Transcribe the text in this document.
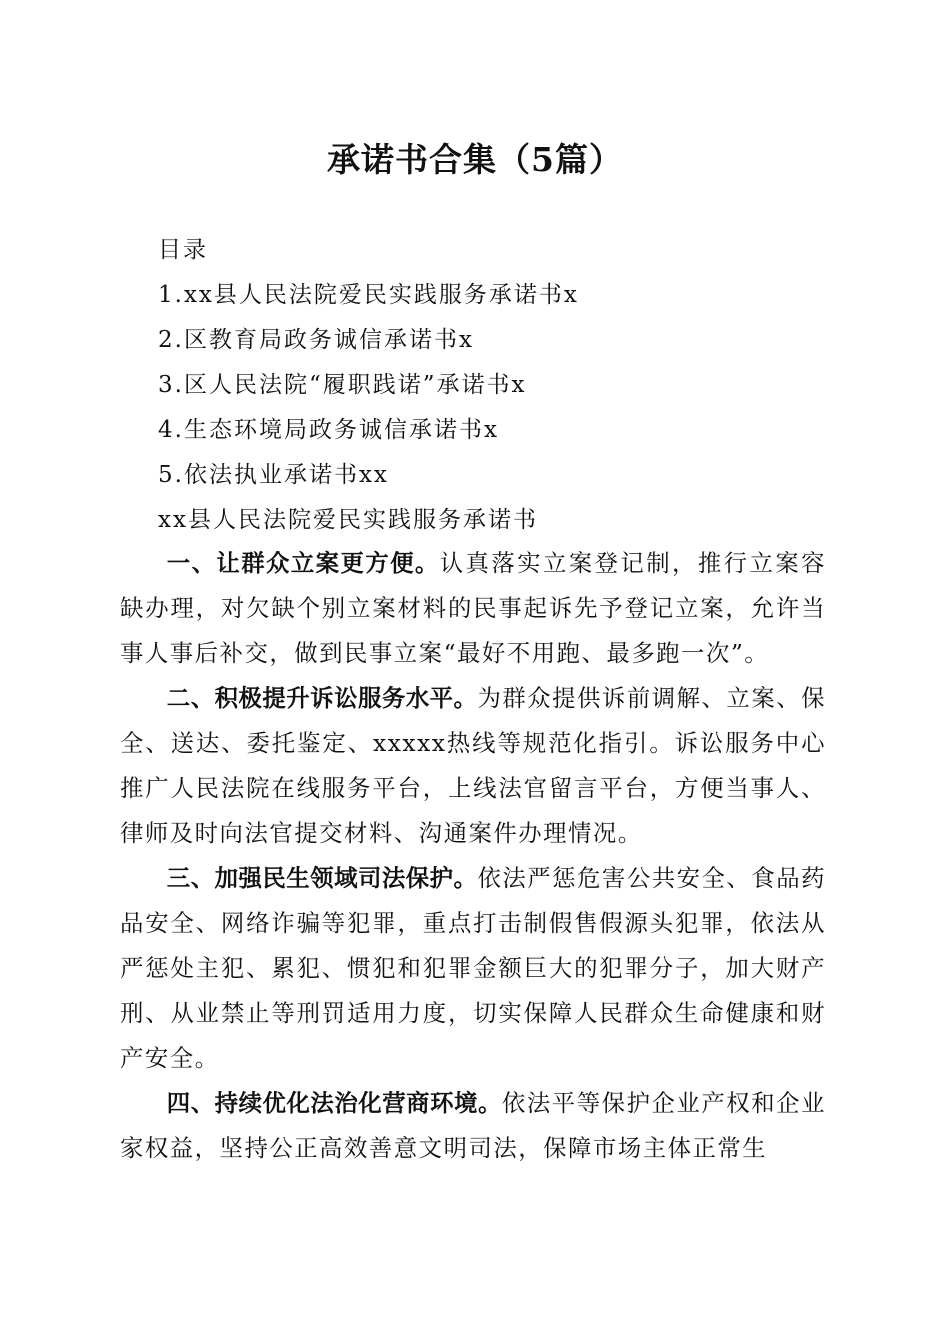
承诺书合集（5篇）
目录
1.xx县人民法院爱民实践服务承诺书x
2.区教育局政务诚信承诺书x
3.区人民法院“履职践诺”承诺书x
4.生态环境局政务诚信承诺书x
5.依法执业承诺书xx
xx县人民法院爱民实践服务承诺书

一、让群众立案更方便。认真落实立案登记制，推行立案容缺办理，对欠缺个别立案材料的民事起诉先予登记立案，允许当事人事后补交，做到民事立案“最好不用跑、最多跑一次”。

二、积极提升诉讼服务水平。为群众提供诉前调解、立案、保全、送达、委托鉴定、xxxxx热线等规范化指引。诉讼服务中心推广人民法院在线服务平台，上线法官留言平台，方便当事人、律师及时向法官提交材料、沟通案件办理情况。

三、加强民生领域司法保护。依法严惩危害公共安全、食品药品安全、网络诈骗等犯罪，重点打击制假售假源头犯罪，依法从严惩处主犯、累犯、惯犯和犯罪金额巨大的犯罪分子，加大财产刑、从业禁止等刑罚适用力度，切实保障人民群众生命健康和财产安全。

四、持续优化法治化营商环境。依法平等保护企业产权和企业家权益，坚持公正高效善意文明司法，保障市场主体正常生
